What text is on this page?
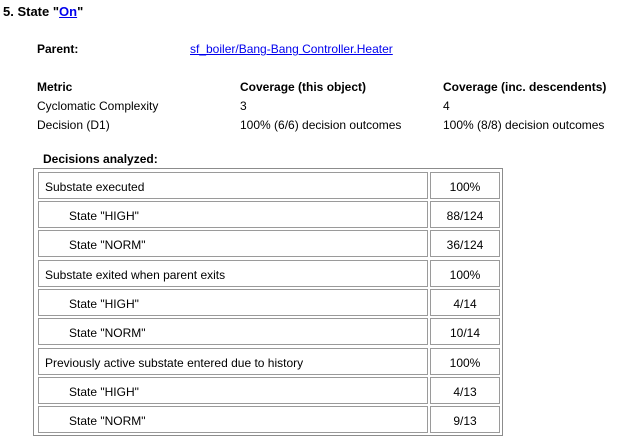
5. State "On"
Parent:	sf_boiler/Bang-Bang Controller.Heater
Metric	Coverage (this object)	Coverage (inc. descendents)
Cyclomatic Complexity	3	4
Decision (D1)	100% (6/6) decision outcomes	100% (8/8) decision outcomes
Decisions analyzed:
Substate executed	100%
State "HIGH"	88/124
State "NORM"	36/124
Substate exited when parent exits	100%
State "HIGH"	4/14
State "NORM"	10/14
Previously active substate entered due to history	100%
State "HIGH"	4/13
State "NORM"	9/13
